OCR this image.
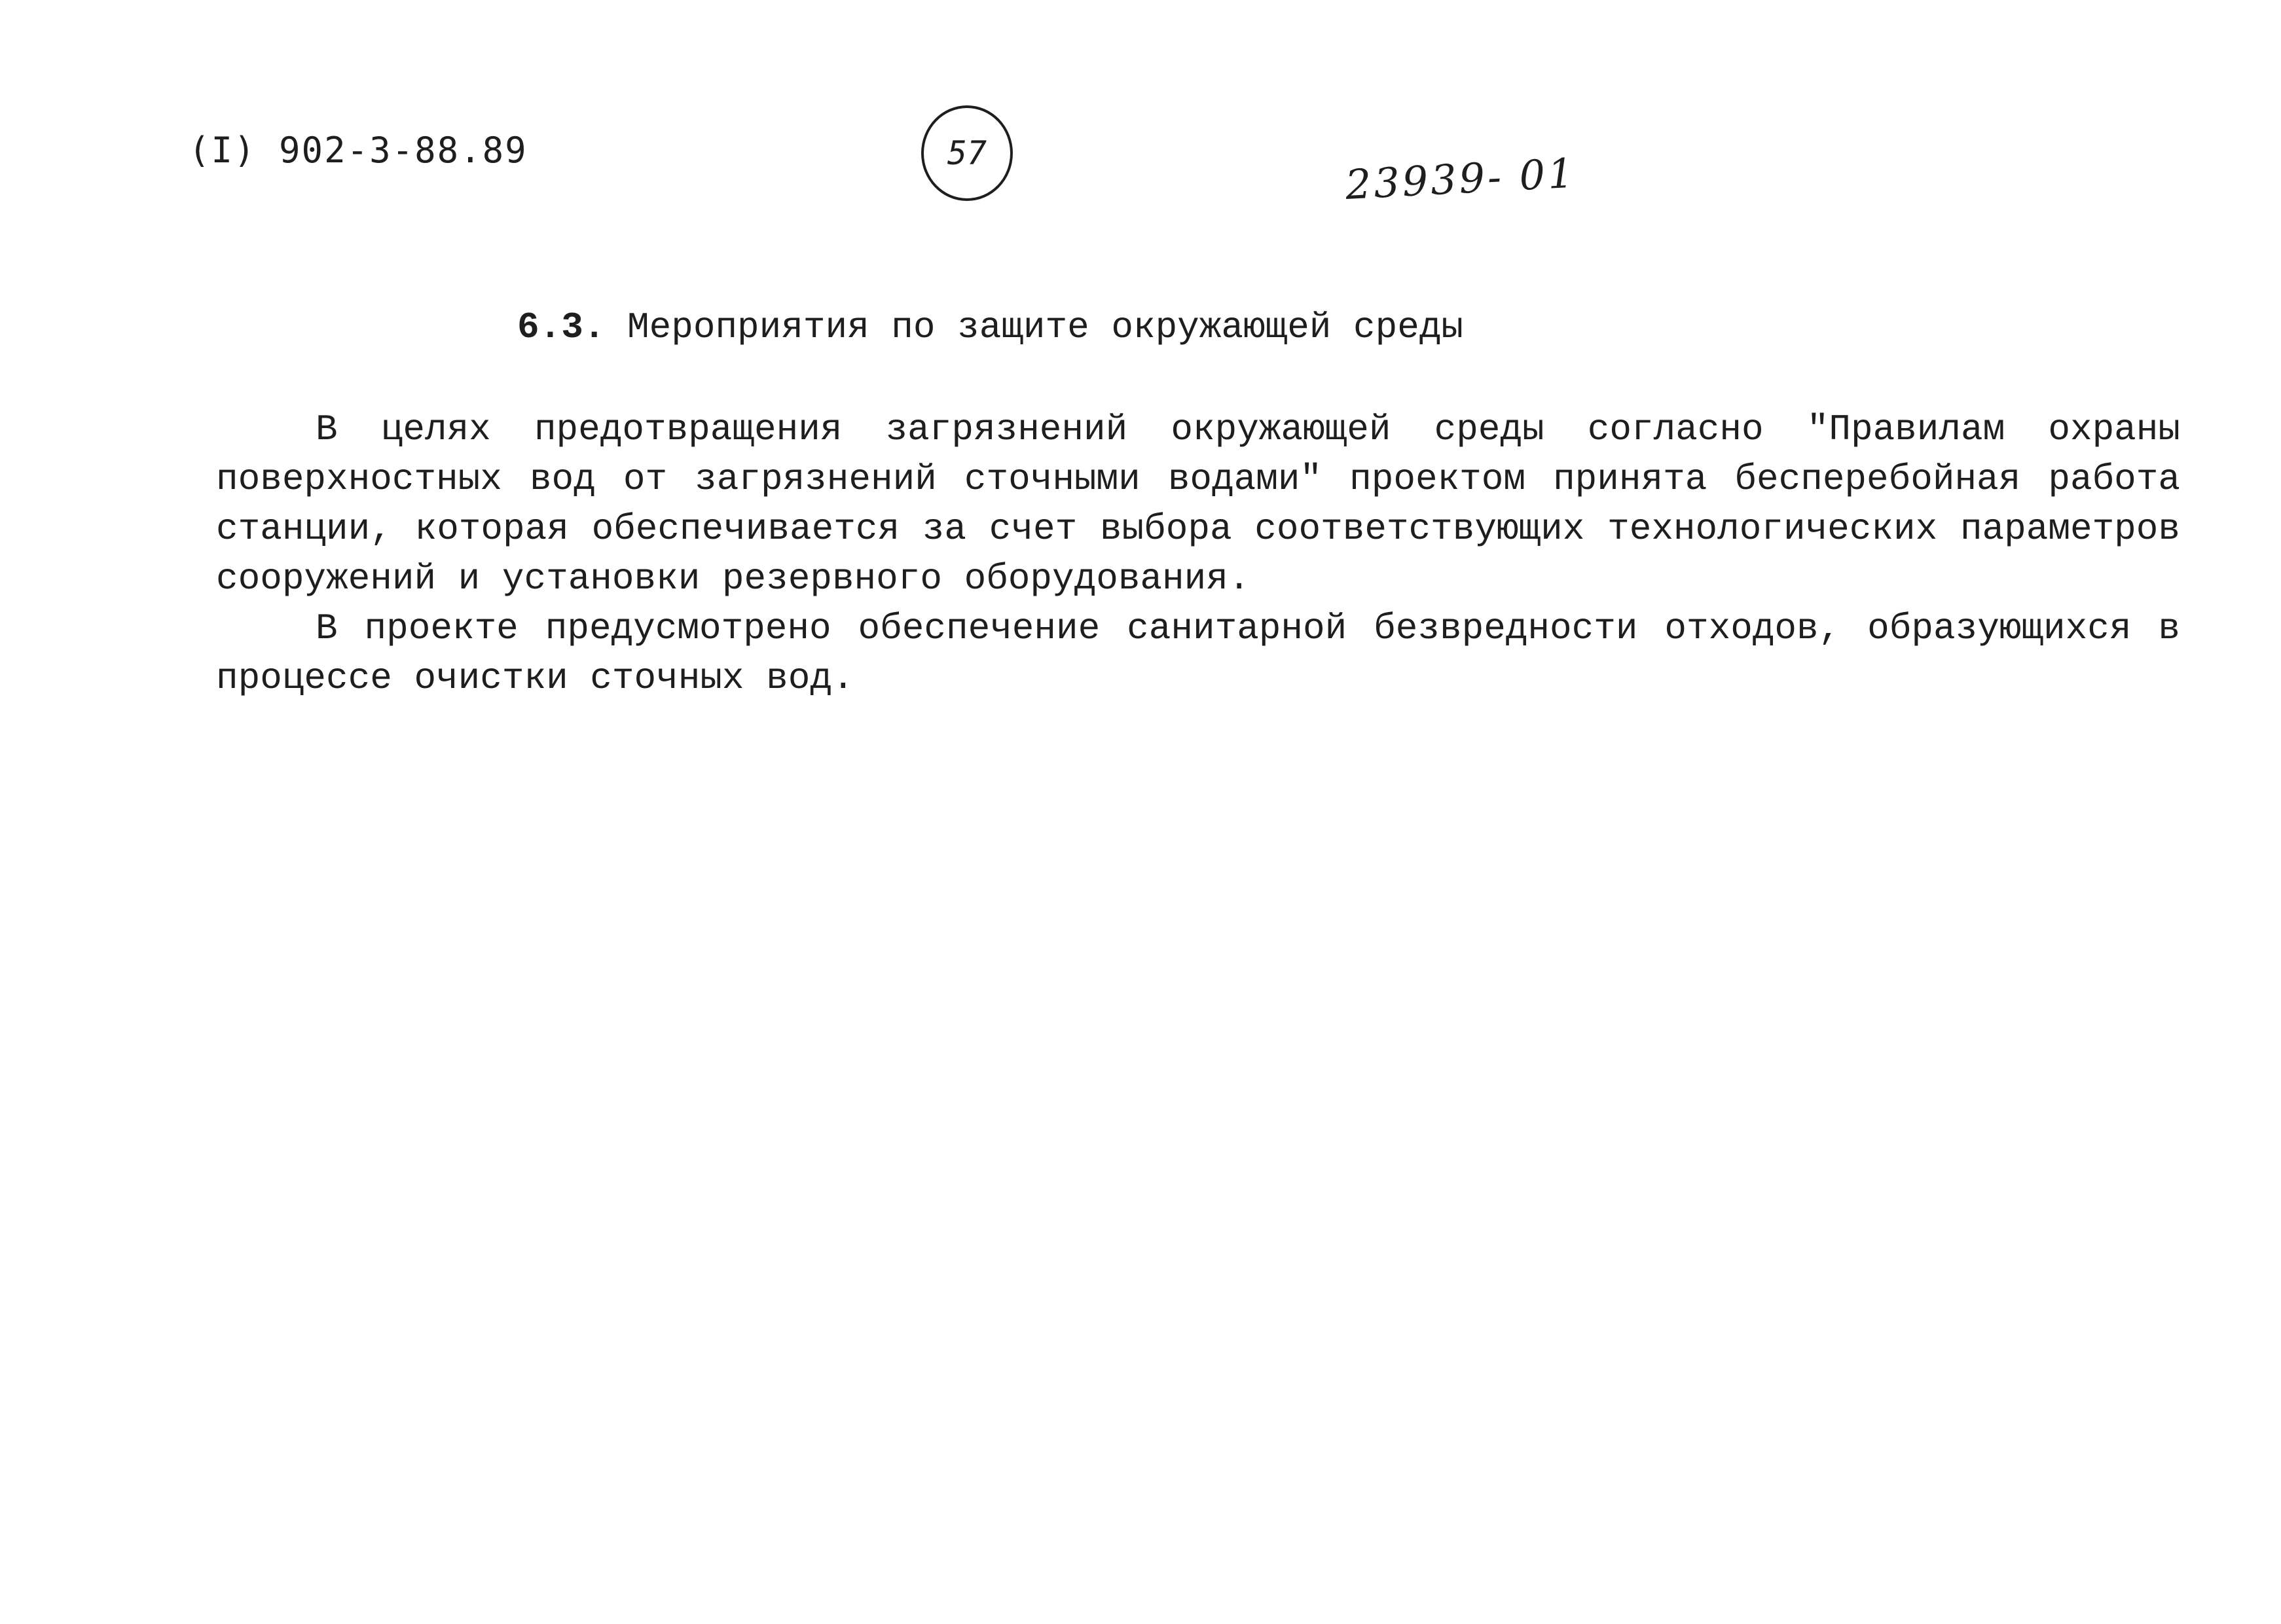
(I) 902-3-88.89	57	23939- 01
6.3. Мероприятия по защите окружающей среды

В целях предотвращения загрязнений окружающей среды согласно "Правилам охраны поверхностных вод от загрязнений сточными водами" проектом принята бесперебойная работа станции, которая обеспечивается за счет выбора соответствующих технологических параметров сооружений и установки резервного оборудования.

В проекте предусмотрено обеспечение санитарной безвредности отходов, образующихся в процессе очистки сточных вод.
